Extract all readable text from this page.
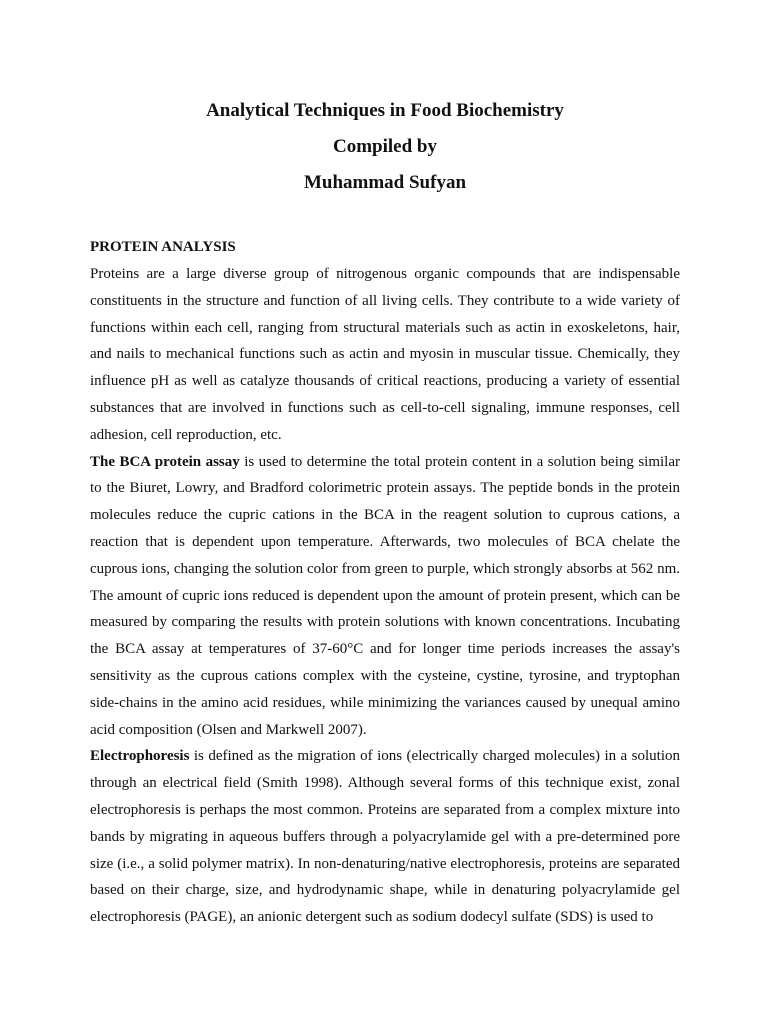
Analytical Techniques in Food Biochemistry

Compiled by

Muhammad Sufyan

PROTEIN ANALYSIS

Proteins are a large diverse group of nitrogenous organic compounds that are indispensable constituents in the structure and function of all living cells. They contribute to a wide variety of functions within each cell, ranging from structural materials such as actin in exoskeletons, hair, and nails to mechanical functions such as actin and myosin in muscular tissue. Chemically, they influence pH as well as catalyze thousands of critical reactions, producing a variety of essential substances that are involved in functions such as cell-to-cell signaling, immune responses, cell adhesion, cell reproduction, etc.

The BCA protein assay is used to determine the total protein content in a solution being similar to the Biuret, Lowry, and Bradford colorimetric protein assays. The peptide bonds in the protein molecules reduce the cupric cations in the BCA in the reagent solution to cuprous cations, a reaction that is dependent upon temperature. Afterwards, two molecules of BCA chelate the cuprous ions, changing the solution color from green to purple, which strongly absorbs at 562 nm. The amount of cupric ions reduced is dependent upon the amount of protein present, which can be measured by comparing the results with protein solutions with known concentrations. Incubating the BCA assay at temperatures of 37-60°C and for longer time periods increases the assay's sensitivity as the cuprous cations complex with the cysteine, cystine, tyrosine, and tryptophan side-chains in the amino acid residues, while minimizing the variances caused by unequal amino acid composition (Olsen and Markwell 2007).

Electrophoresis is defined as the migration of ions (electrically charged molecules) in a solution through an electrical field (Smith 1998). Although several forms of this technique exist, zonal electrophoresis is perhaps the most common. Proteins are separated from a complex mixture into bands by migrating in aqueous buffers through a polyacrylamide gel with a pre-determined pore size (i.e., a solid polymer matrix). In non-denaturing/native electrophoresis, proteins are separated based on their charge, size, and hydrodynamic shape, while in denaturing polyacrylamide gel electrophoresis (PAGE), an anionic detergent such as sodium dodecyl sulfate (SDS) is used to
